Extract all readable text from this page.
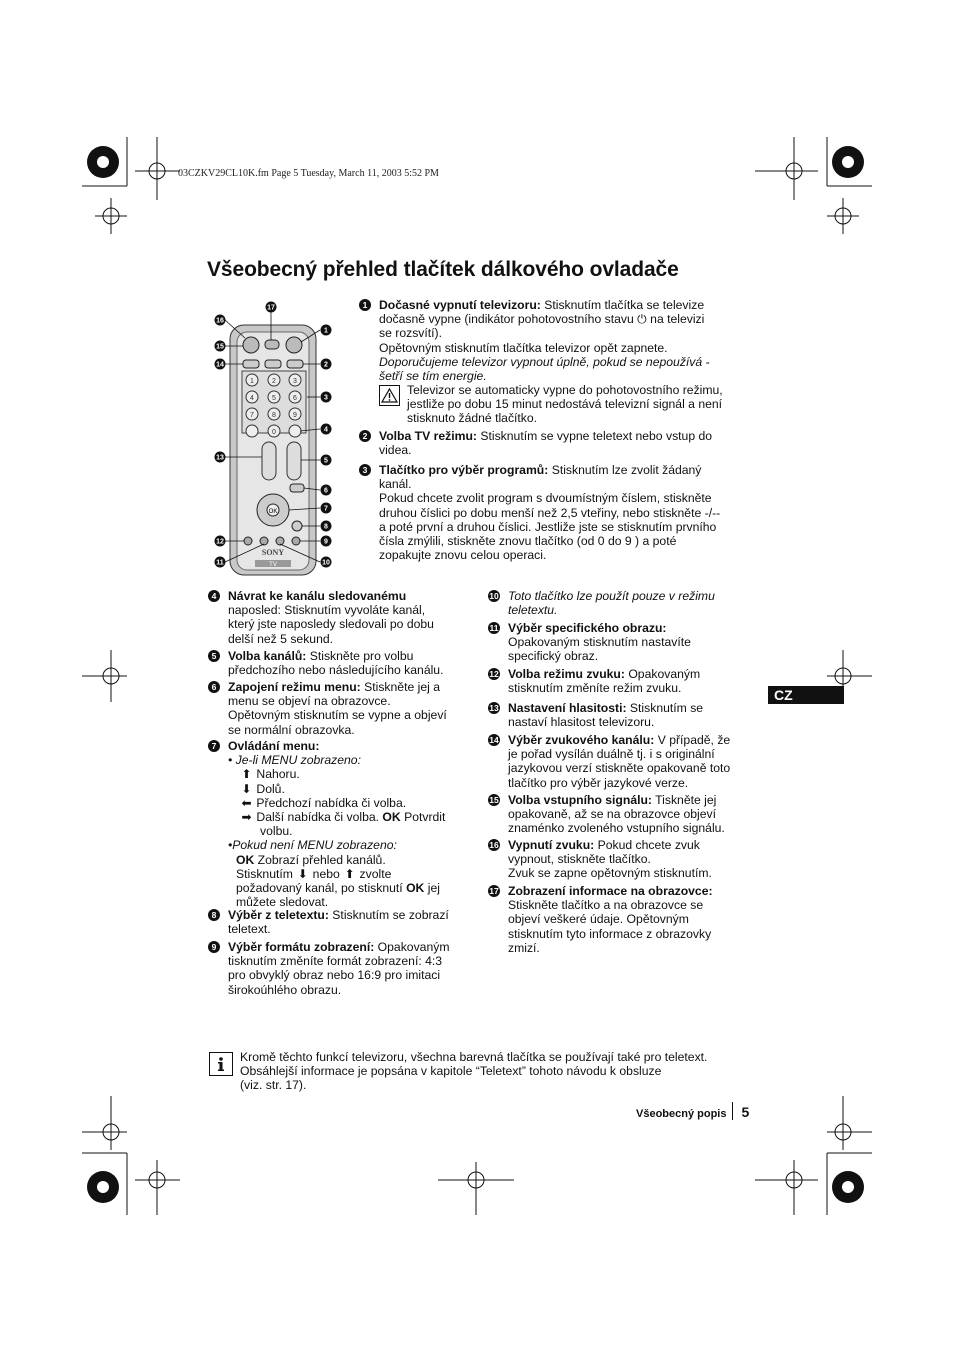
03CZKV29CL10K.fm Page 5 Tuesday, March 11, 2003 5:52 PM
Všeobecný přehled tlačítek dálkového ovladače
1	2 3
4	5 6
7	8 9
0
OK
SONY
TV
17
16
1
15
2
14
3
4
13	5
6
7
8
12	9
11	10
1 Dočasné vypnutí televizoru: Stisknutím tlačítka se televize
dočasně vypne (indikátor pohotovostního stavu ⏻ na televizi
se rozsvítí).
Opětovným stisknutím tlačítka televizor opět zapnete.
Doporučujeme televizor vypnout úplně, pokud se nepoužívá -
šetří se tím energie.
Televizor se automaticky vypne do pohotovostního režimu,
jestliže po dobu 15 minut nedostává televizní signál a není
stisknuto žádné tlačítko.
2 Volba TV režimu: Stisknutím se vypne teletext nebo vstup do
videa.
3 Tlačítko pro výběr programů: Stisknutím lze zvolit žádaný
kanál.
Pokud chcete zvolit program s dvoumístným číslem, stiskněte
druhou číslici po dobu menší než 2,5 vteřiny, nebo stiskněte -/--
a poté první a druhou číslici. Jestliže jste se stisknutím prvního
čísla zmýlili, stiskněte znovu tlačítko (od 0 do 9 ) a poté
zopakujte znovu celou operaci.
4 Návrat ke kanálu sledovanému
naposled: Stisknutím vyvoláte kanál,
který jste naposledy sledovali po dobu
delší než 5 sekund.
5 Volba kanálů: Stiskněte pro volbu
předchozího nebo následujícího kanálu.
6 Zapojení režimu menu: Stiskněte jej a
menu se objeví na obrazovce.
Opětovným stisknutím se vypne a objeví
se normální obrazovka.
7 Ovládání menu:
• Je-li MENU zobrazeno:
⬆ Nahoru.
⬇ Dolů.
⬅ Předchozí nabídka či volba.
➡ Další nabídka či volba. OK Potvrdit
volbu.
•Pokud není MENU zobrazeno:
OK Zobrazí přehled kanálů.
Stisknutím ⬇ nebo ⬆ zvolte
požadovaný kanál, po stisknutí OK jej
můžete sledovat.
8 Výběr z teletextu: Stisknutím se zobrazí
teletext.
9 Výběr formátu zobrazení: Opakovaným
tisknutím změníte formát zobrazení: 4:3
pro obvyklý obraz nebo 16:9 pro imitaci
širokoúhlého obrazu.
10 Toto tlačítko lze použít pouze v režimu
teletextu.
11 Výběr specifického obrazu:
Opakovaným stisknutím nastavíte
specifický obraz.
12 Volba režimu zvuku: Opakovaným
stisknutím změníte režim zvuku.
13 Nastavení hlasitosti: Stisknutím se
nastaví hlasitost televizoru.
14 Výběr zvukového kanálu: V případě, že
je pořad vysílán duálně tj. i s originální
jazykovou verzí stiskněte opakovaně toto
tlačítko pro výběr jazykové verze.
15 Volba vstupního signálu: Tiskněte jej
opakovaně, až se na obrazovce objeví
znaménko zvoleného vstupního signálu.
16 Vypnutí zvuku: Pokud chcete zvuk
vypnout, stiskněte tlačítko.
Zvuk se zapne opětovným stisknutím.
17 Zobrazení informace na obrazovce:
Stiskněte tlačítko a na obrazovce se
objeví veškeré údaje. Opětovným
stisknutím tyto informace z obrazovky
zmizí.
CZ
Kromě těchto funkcí televizoru, všechna barevná tlačítka se používají také pro teletext.
Obsáhlejší informace je popsána v kapitole “Teletext” tohoto návodu k obsluze
(viz. str. 17).
Všeobecný popis 5
